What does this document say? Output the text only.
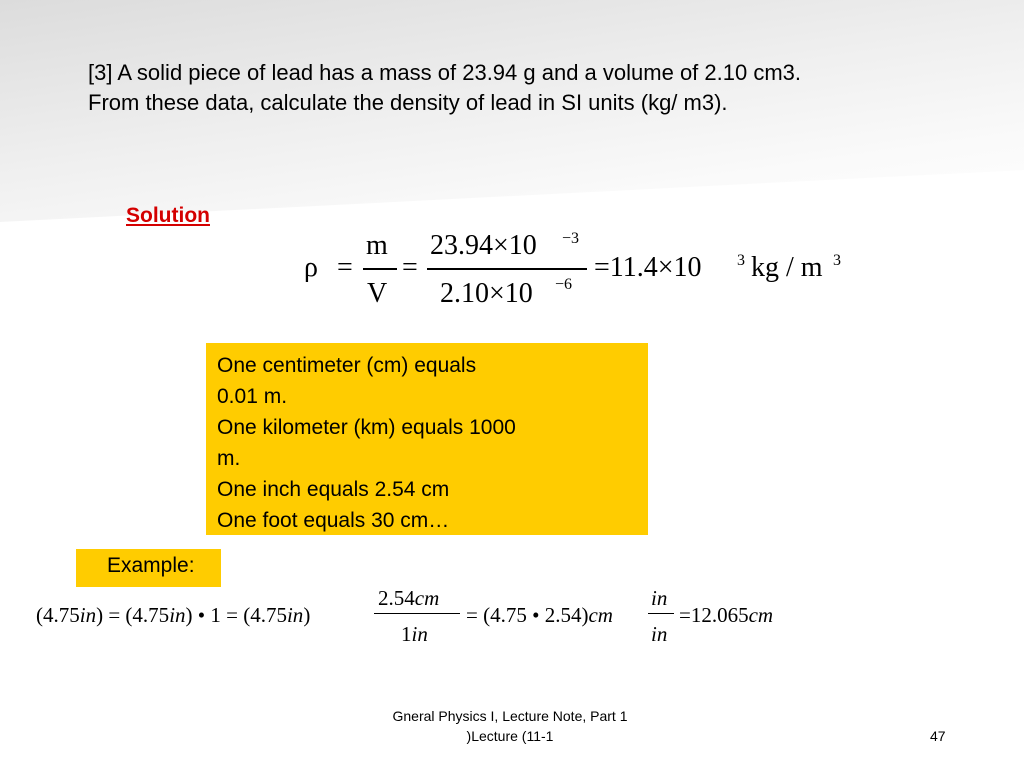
[3] A solid piece of lead has a mass of 23.94 g and a volume of 2.10 cm3.
From these data, calculate the density of lead in SI units (kg/ m3).
Solution
ρ =
m
V
=
23.94×10 −3
2.10×10 −6
=11.4×10 3 kg / m 3
One centimeter (cm) equals
0.01 m.
One kilometer (km) equals 1000
m.
One inch equals 2.54 cm
One foot equals 30 cm…
Example:
(4.75in) = (4.75in) • 1 = (4.75in)
2.54cm
1in
= (4.75 • 2.54)cm
in
in
=12.065cm
Gneral Physics I, Lecture Note, Part 1
)Lecture (11-1	47
